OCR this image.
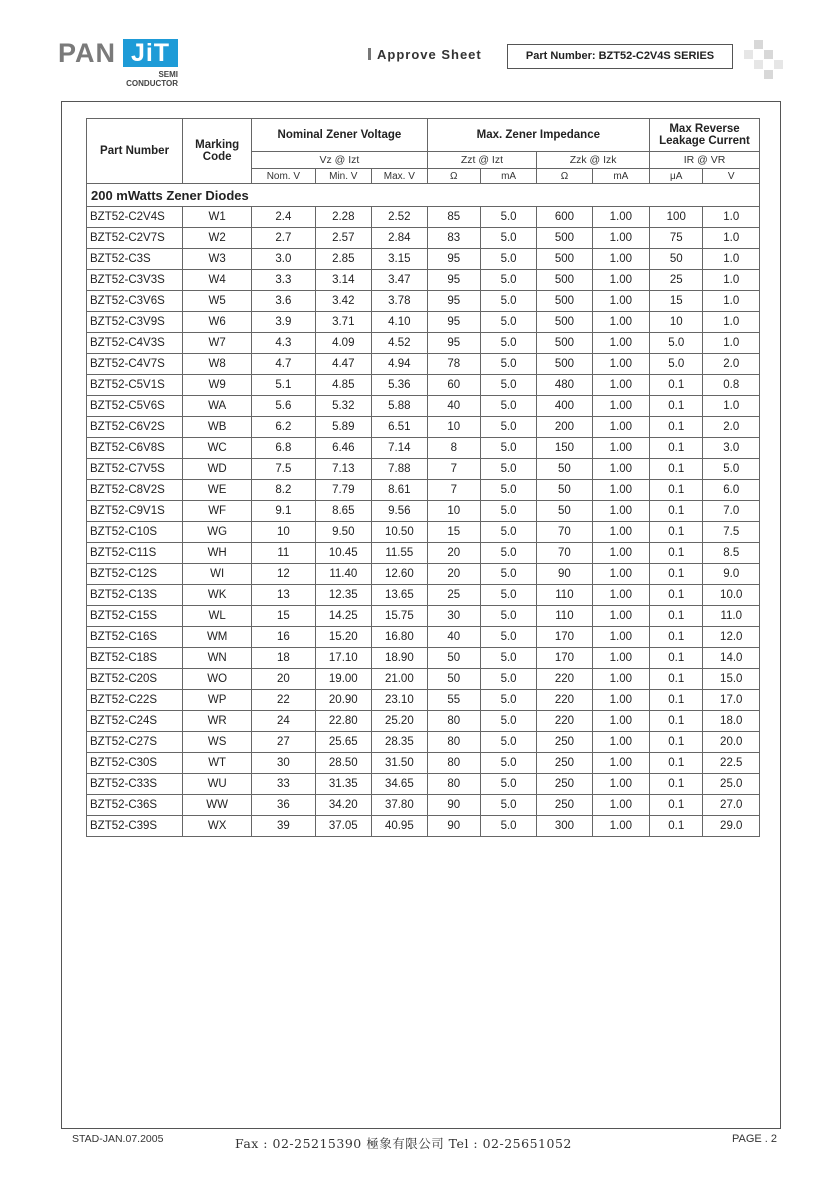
PAN JiT
SEMI
CONDUCTOR
Approve Sheet	Part Number: BZT52-C2V4S SERIES
Part Number	Marking Code	Nominal Zener Voltage			Max. Zener Impedance				Max Reverse Leakage Current	
		Vz @ Izt			Zzt @ Izt		Zzk @ Izk		IR @ VR	
		Nom. V	Min. V	Max. V	Ω	mA	Ω	mA	μA	V
200 mWatts Zener Diodes										
BZT52-C2V4S	W1	2.4	2.28	2.52	85	5.0	600	1.00	100	1.0
BZT52-C2V7S	W2	2.7	2.57	2.84	83	5.0	500	1.00	75	1.0
BZT52-C3S	W3	3.0	2.85	3.15	95	5.0	500	1.00	50	1.0
BZT52-C3V3S	W4	3.3	3.14	3.47	95	5.0	500	1.00	25	1.0
BZT52-C3V6S	W5	3.6	3.42	3.78	95	5.0	500	1.00	15	1.0
BZT52-C3V9S	W6	3.9	3.71	4.10	95	5.0	500	1.00	10	1.0
BZT52-C4V3S	W7	4.3	4.09	4.52	95	5.0	500	1.00	5.0	1.0
BZT52-C4V7S	W8	4.7	4.47	4.94	78	5.0	500	1.00	5.0	2.0
BZT52-C5V1S	W9	5.1	4.85	5.36	60	5.0	480	1.00	0.1	0.8
BZT52-C5V6S	WA	5.6	5.32	5.88	40	5.0	400	1.00	0.1	1.0
BZT52-C6V2S	WB	6.2	5.89	6.51	10	5.0	200	1.00	0.1	2.0
BZT52-C6V8S	WC	6.8	6.46	7.14	8	5.0	150	1.00	0.1	3.0
BZT52-C7V5S	WD	7.5	7.13	7.88	7	5.0	50	1.00	0.1	5.0
BZT52-C8V2S	WE	8.2	7.79	8.61	7	5.0	50	1.00	0.1	6.0
BZT52-C9V1S	WF	9.1	8.65	9.56	10	5.0	50	1.00	0.1	7.0
BZT52-C10S	WG	10	9.50	10.50	15	5.0	70	1.00	0.1	7.5
BZT52-C11S	WH	11	10.45	11.55	20	5.0	70	1.00	0.1	8.5
BZT52-C12S	WI	12	11.40	12.60	20	5.0	90	1.00	0.1	9.0
BZT52-C13S	WK	13	12.35	13.65	25	5.0	110	1.00	0.1	10.0
BZT52-C15S	WL	15	14.25	15.75	30	5.0	110	1.00	0.1	11.0
BZT52-C16S	WM	16	15.20	16.80	40	5.0	170	1.00	0.1	12.0
BZT52-C18S	WN	18	17.10	18.90	50	5.0	170	1.00	0.1	14.0
BZT52-C20S	WO	20	19.00	21.00	50	5.0	220	1.00	0.1	15.0
BZT52-C22S	WP	22	20.90	23.10	55	5.0	220	1.00	0.1	17.0
BZT52-C24S	WR	24	22.80	25.20	80	5.0	220	1.00	0.1	18.0
BZT52-C27S	WS	27	25.65	28.35	80	5.0	250	1.00	0.1	20.0
BZT52-C30S	WT	30	28.50	31.50	80	5.0	250	1.00	0.1	22.5
BZT52-C33S	WU	33	31.35	34.65	80	5.0	250	1.00	0.1	25.0
BZT52-C36S	WW	36	34.20	37.80	90	5.0	250	1.00	0.1	27.0
BZT52-C39S	WX	39	37.05	40.95	90	5.0	300	1.00	0.1	29.0
STAD-JAN.07.2005	Fax : 02-25215390 極象有限公司 Tel : 02-25651052	PAGE . 2
